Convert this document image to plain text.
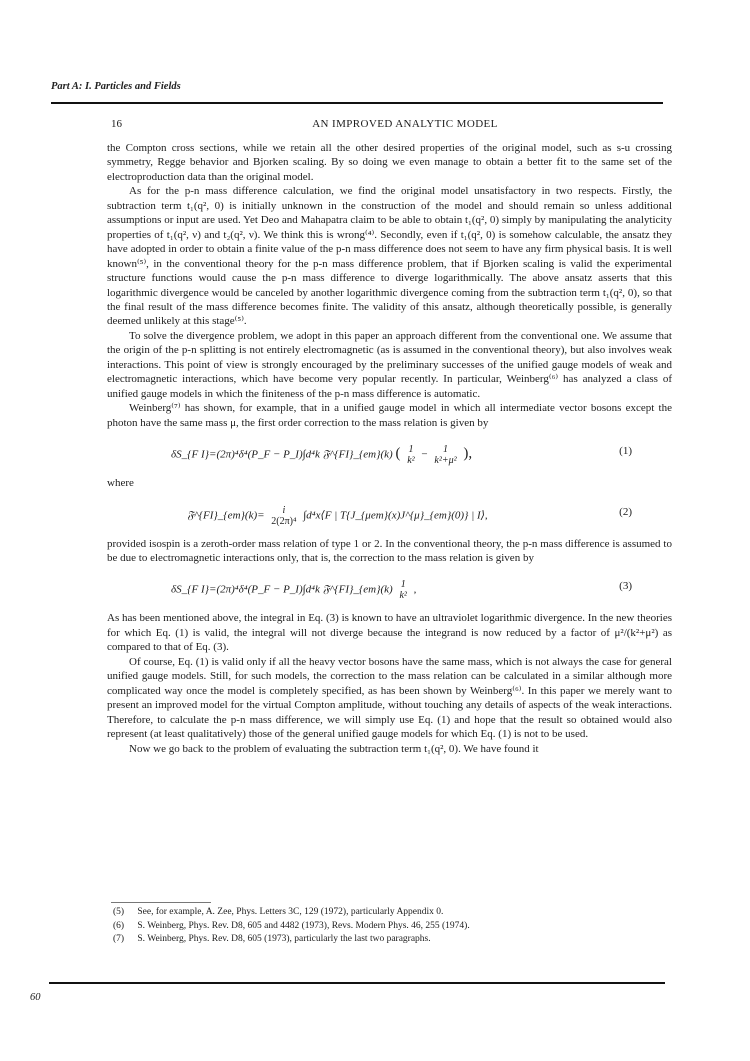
Part A: I. Particles and Fields
16	AN IMPROVED ANALYTIC MODEL

the Compton cross sections, while we retain all the other desired properties of the original model, such as s-u crossing symmetry, Regge behavior and Bjorken scaling. By so doing we even manage to obtain a better fit to the same set of the electroproduction data than the original model.

As for the p-n mass difference calculation, we find the original model unsatisfactory in two respects. Firstly, the subtraction term t₁(q², 0) is initially unknown in the construction of the model and should remain so unless additional assumptions or input are used. Yet Deo and Mahapatra claim to be able to obtain t₁(q², 0) simply by manipulating the analyticity properties of t₁(q², ν) and t₂(q², ν). We think this is wrong⁽⁴⁾. Secondly, even if t₁(q², 0) is somehow calculable, the ansatz they have adopted in order to obtain a finite value of the p-n mass difference does not seem to have any firm physical basis. It is well known⁽⁵⁾, in the conventional theory for the p-n mass difference problem, that if Bjorken scaling is valid the experimental structure functions would cause the p-n mass difference to diverge logarithmically. The above ansatz asserts that this logarithmic divergence would be canceled by another logarithmic divergence coming from the subtraction term t₁(q², 0), so that the final result of the mass difference becomes finite. The validity of this ansatz, although theoretically possible, is generally deemed unlikely at this stage⁽⁵⁾.

To solve the divergence problem, we adopt in this paper an approach different from the conventional one. We assume that the origin of the p-n splitting is not entirely electromagnetic (as is assumed in the conventional theory), but also involves weak interactions. This point of view is strongly encouraged by the preliminary successes of the unified gauge models of weak and electromagnetic interactions, which have become very popular recently. In particular, Weinberg⁽⁶⁾ has analyzed a class of unified gauge models in which the finiteness of the p-n mass difference is automatic.

Weinberg⁽⁷⁾ has shown, for example, that in a unified gauge model in which all intermediate vector bosons except the photon have the same mass μ, the first order correction to the mass relation is given by

δS_{F I}=(2π)⁴δ⁴(P_F − P_I)∫d⁴k 𝔉^{FI}_{em}(k) ( 1
k² −	1
k²+μ² ),	(1)

where

𝔉^{FI}_{em}(k)=	i
2(2π)⁴ ∫d⁴x⟨F | T{J_{μem}(x)J^{μ}_{em}(0)} | I⟩,	(2)

provided isospin is a zeroth-order mass relation of type 1 or 2. In the conventional theory, the p-n mass difference is assumed to be due to electromagnetic interactions only, that is, the correction to the mass relation is given by

δS_{F I}=(2π)⁴δ⁴(P_F − P_I)∫d⁴k 𝔉^{FI}_{em}(k) 1
k² ,	(3)

As has been mentioned above, the integral in Eq. (3) is known to have an ultraviolet logarithmic divergence. In the new theories for which Eq. (1) is valid, the integral will not diverge because the integrand is now reduced by a factor of μ²/(k²+μ²) as compared to that of Eq. (3).

Of course, Eq. (1) is valid only if all the heavy vector bosons have the same mass, which is not always the case for general unified gauge models. Still, for such models, the correction to the mass relation can be calculated in a similar although more complicated way once the model is completely specified, as has been shown by Weinberg⁽⁶⁾. In this paper we merely want to present an improved model for the virtual Compton amplitude, without touching any details of aspects of the weak interactions. Therefore, to calculate the p-n mass difference, we will simply use Eq. (1) and hope that the result so obtained would also represent (at least qualitatively) those of the general unified gauge models for which Eq. (1) is not to be used.

Now we go back to the problem of evaluating the subtraction term t₁(q², 0). We have found it

(5) See, for example, A. Zee, Phys. Letters 3C, 129 (1972), particularly Appendix 0.
(6) S. Weinberg, Phys. Rev. D8, 605 and 4482 (1973), Revs. Modern Phys. 46, 255 (1974).
(7) S. Weinberg, Phys. Rev. D8, 605 (1973), particularly the last two paragraphs.
60
